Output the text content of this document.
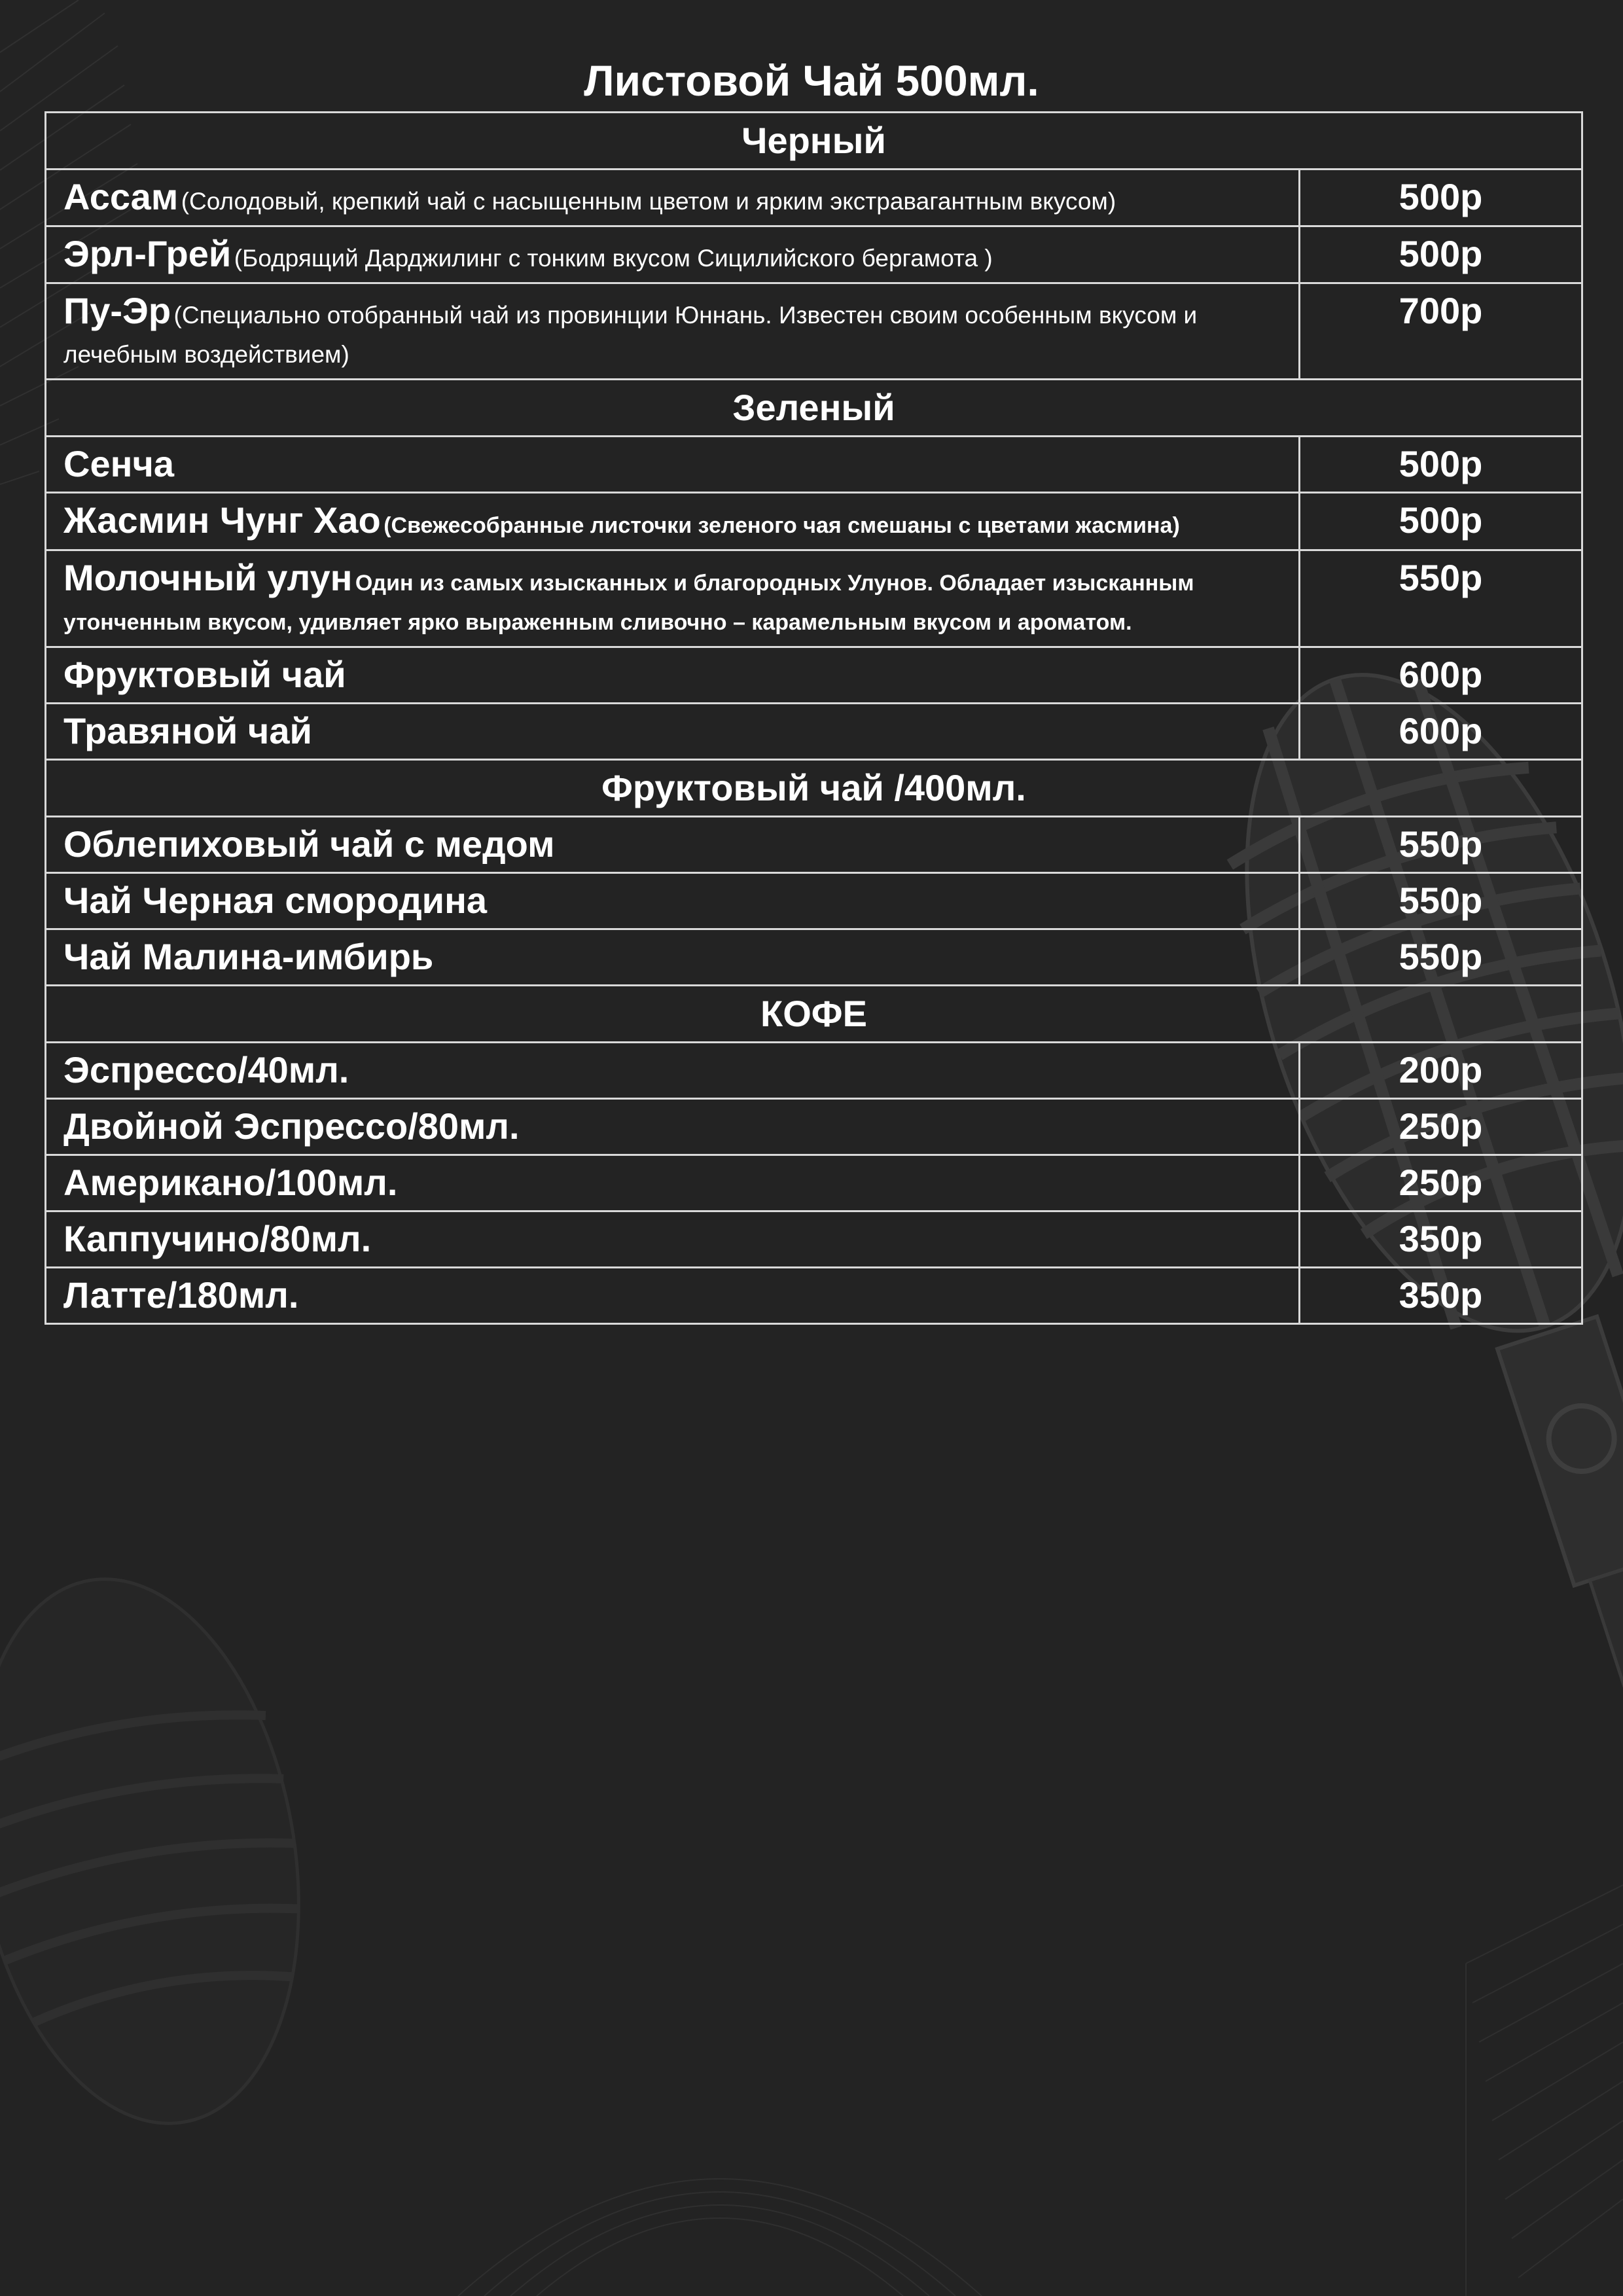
Листовой Чай 500мл.
Черный	
Ассам (Солодовый, крепкий чай с насыщенным цветом и ярким экстравагантным вкусом)	500р
Эрл-Грей (Бодрящий Дарджилинг с тонким вкусом Сицилийского бергамота )	500р
Пу-Эр (Специально отобранный чай из провинции Юннань. Известен своим особенным вкусом и лечебным воздействием)	700р
Зеленый	
Сенча	500р
Жасмин Чунг Хао (Свежесобранные листочки зеленого чая смешаны с цветами жасмина)	500р
Молочный улун Один из самых изысканных и благородных Улунов. Обладает изысканным утонченным вкусом, удивляет ярко выраженным сливочно – карамельным вкусом и ароматом.	550р
Фруктовый чай	600р
Травяной чай	600р
Фруктовый чай /400мл.	
Облепиховый чай с медом	550р
Чай Черная смородина	550р
Чай Малина-имбирь	550р
КОФЕ	
Эспрессо/40мл.	200р
Двойной Эспрессо/80мл.	250р
Американо/100мл.	250р
Каппучино/80мл.	350р
Латте/180мл.	350р
